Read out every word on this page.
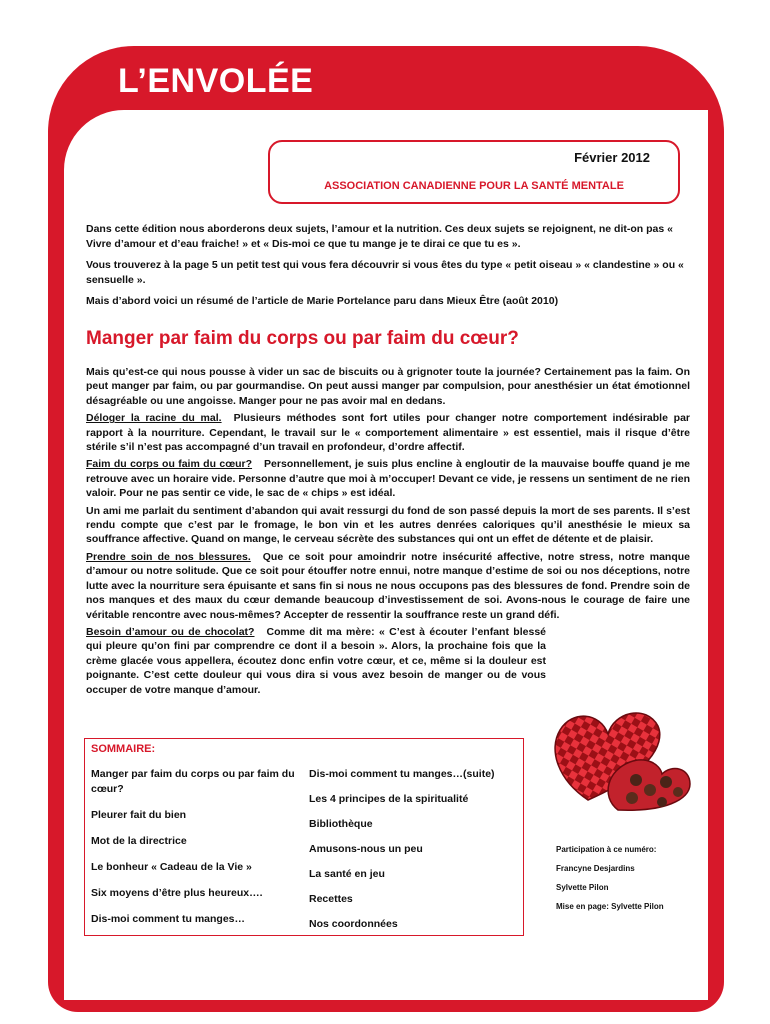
L’ENVOLÉE
Février 2012
ASSOCIATION CANADIENNE POUR LA SANTÉ MENTALE

Dans cette édition nous aborderons deux sujets, l’amour et la nutrition. Ces deux sujets se rejoignent, ne dit-on pas « Vivre d’amour et d’eau fraiche! » et « Dis-moi ce que tu mange je te dirai ce que tu es ».

Vous trouverez à la page 5 un petit test qui vous fera découvrir si vous êtes du type « petit oiseau » « clandestine » ou « sensuelle ».

Mais d’abord voici un résumé de l’article de Marie Portelance paru dans Mieux Être (août 2010)

Manger par faim du corps ou par faim du cœur?

Mais qu’est-ce qui nous pousse à vider un sac de biscuits ou à grignoter toute la journée? Certainement pas la faim. On peut manger par faim, ou par gourmandise. On peut aussi manger par compulsion, pour anesthésier un état émotionnel désagréable ou une angoisse. Manger pour ne pas avoir mal en dedans.

Déloger la racine du mal. Plusieurs méthodes sont fort utiles pour changer notre comportement indésirable par rapport à la nourriture. Cependant, le travail sur le « comportement alimentaire » est essentiel, mais il risque d’être stérile s’il n’est pas accompagné d’un travail en profondeur, d’ordre affectif.

Faim du corps ou faim du cœur? Personnellement, je suis plus encline à engloutir de la mauvaise bouffe quand je me retrouve avec un horaire vide. Personne d’autre que moi à m’occuper! Devant ce vide, je ressens un sentiment de ne rien valoir. Pour ne pas sentir ce vide, le sac de « chips » est idéal.

Un ami me parlait du sentiment d’abandon qui avait ressurgi du fond de son passé depuis la mort de ses parents. Il s’est rendu compte que c’est par le fromage, le bon vin et les autres denrées caloriques qu’il anesthésie le mieux sa souffrance affective. Quand on mange, le cerveau sécrète des substances qui ont un effet de détente et de plaisir.

Prendre soin de nos blessures. Que ce soit pour amoindrir notre insécurité affective, notre stress, notre manque d’amour ou notre solitude. Que ce soit pour étouffer notre ennui, notre manque d’estime de soi ou nos déceptions, notre lutte avec la nourriture sera épuisante et sans fin si nous ne nous occupons pas des blessures de fond. Prendre soin de nos manques et des maux du cœur demande beaucoup d’investissement de soi. Avons-nous le courage de faire une véritable rencontre avec nous-mêmes? Accepter de ressentir la souffrance reste un grand défi.

Besoin d’amour ou de chocolat? Comme dit ma mère: « C’est à écouter l’enfant blessé qui pleure qu’on fini par comprendre ce dont il a besoin ». Alors, la prochaine fois que la crème glacée vous appellera, écoutez donc enfin votre cœur, et ce, même si la douleur est poignante. C’est cette douleur qui vous dira si vous avez besoin de manger ou de vous occuper de votre manque d’amour.

SOMMAIRE:
Manger par faim du corps ou par faim du cœur?
Pleurer fait du bien
Mot de la directrice
Le bonheur « Cadeau de la Vie »
Six moyens d’être plus heureux….
Dis-moi comment tu manges…
Dis-moi comment tu manges…(suite)
Les 4 principes de la spiritualité
Bibliothèque
Amusons-nous un peu
La santé en jeu
Recettes
Nos coordonnées
Participation à ce numéro:
Francyne Desjardins
Sylvette Pilon
Mise en page: Sylvette Pilon
